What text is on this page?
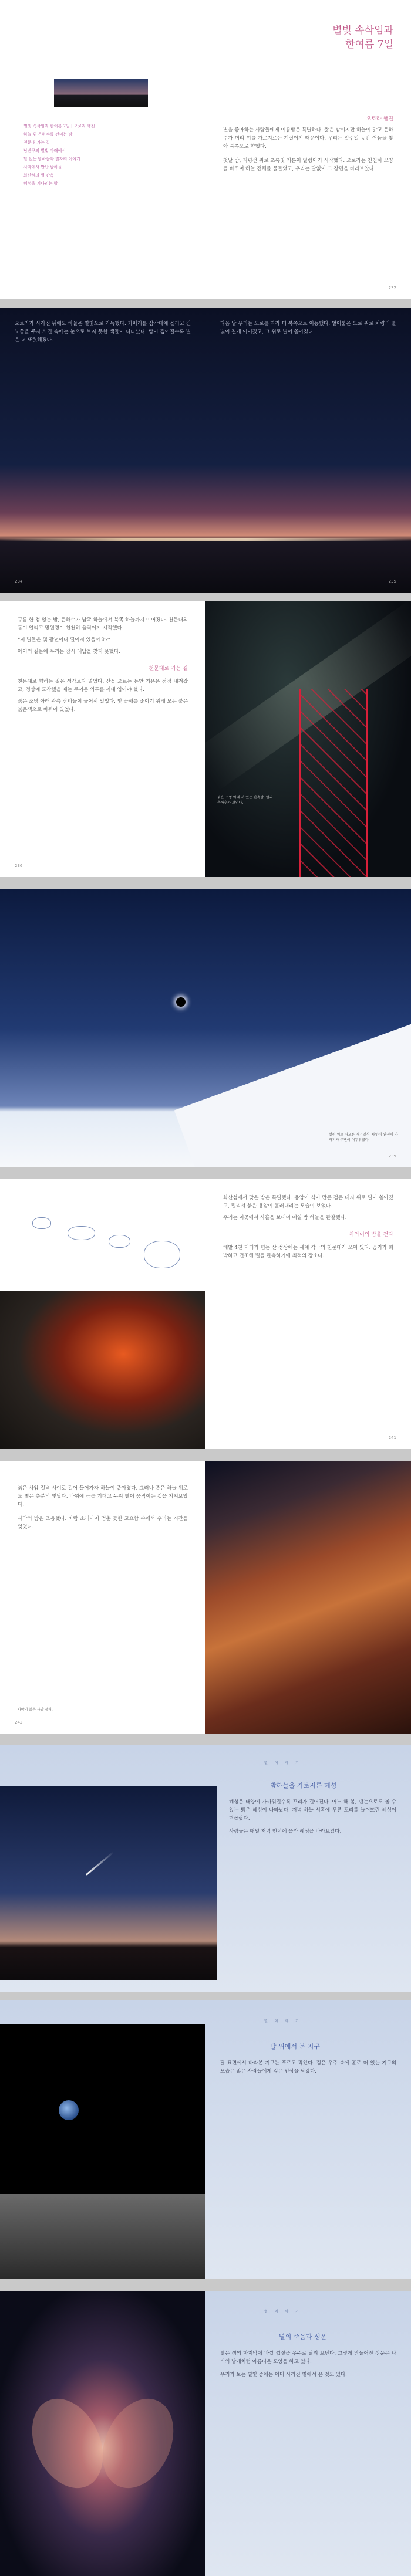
별빛 속삭임과 한여름 7일 | 오로라 행진
하늘 위 은하수를 건너는 밤
천문대 가는 길
남반구의 별빛 아래에서
달 없는 밤하늘과 별자리 이야기
사막에서 만난 밤하늘
화산섬의 별 관측
혜성을 기다리는 밤
별빛 속삭임과
한여름 7일
오로라 행진

별을 좋아하는 사람들에게 여름밤은 특별하다. 짧은 밤이지만 하늘이 맑고 은하수가 머리 위를 가로지르는 계절이기 때문이다. 우리는 일주일 동안 어둠을 찾아 북쪽으로 향했다.

첫날 밤, 지평선 위로 초록빛 커튼이 일렁이기 시작했다. 오로라는 천천히 모양을 바꾸며 하늘 전체를 물들였고, 우리는 말없이 그 장면을 바라보았다.

232

오로라가 사라진 뒤에도 하늘은 별빛으로 가득했다. 카메라를 삼각대에 올리고 긴 노출을 주자 사진 속에는 눈으로 보지 못한 색들이 나타났다. 밤이 깊어질수록 별은 더 또렷해졌다.

다음 날 우리는 도로를 따라 더 북쪽으로 이동했다. 얼어붙은 도로 위로 차량의 불빛이 길게 이어졌고, 그 위로 별이 쏟아졌다.

234	235

구름 한 점 없는 밤, 은하수가 남쪽 하늘에서 북쪽 하늘까지 이어졌다. 천문대의 돔이 열리고 망원경이 천천히 움직이기 시작했다.

“저 별들은 몇 광년이나 떨어져 있을까요?”

아이의 질문에 우리는 잠시 대답을 찾지 못했다.

천문대로 가는 길

천문대로 향하는 길은 생각보다 멀었다. 산을 오르는 동안 기온은 점점 내려갔고, 정상에 도착했을 때는 두꺼운 외투를 꺼내 입어야 했다.

붉은 조명 아래 관측 장비들이 늘어서 있었다. 빛 공해를 줄이기 위해 모든 불은 붉은색으로 바뀌어 있었다.

236
붉은 조명 아래 서 있는 관측탑. 멀리 은하수가 보인다.
설원 위로 떠오른 개기일식. 태양이 완전히 가려지자 주변이 어두워졌다.
239

화산섬에서 맞은 밤은 특별했다. 용암이 식어 만든 검은 대지 위로 별이 쏟아졌고, 멀리서 붉은 용암이 흘러내리는 모습이 보였다.

우리는 이곳에서 사흘을 보내며 매일 밤 하늘을 관찰했다.

하와이의 밤을 걷다

해발 4천 미터가 넘는 산 정상에는 세계 각국의 천문대가 모여 있다. 공기가 희박하고 건조해 별을 관측하기에 최적의 장소다.

241

붉은 사암 절벽 사이로 걸어 들어가자 하늘이 좁아졌다. 그러나 좁은 하늘 위로도 별은 충분히 빛났다. 바위에 등을 기대고 누워 별이 움직이는 것을 지켜보았다.

사막의 밤은 조용했다. 바람 소리마저 멈춘 듯한 고요함 속에서 우리는 시간을 잊었다.

사막의 붉은 사암 절벽.
242
별 이 야 기
밤하늘을 가로지른 혜성

혜성은 태양에 가까워질수록 꼬리가 길어진다. 어느 해 봄, 맨눈으로도 볼 수 있는 밝은 혜성이 나타났다. 저녁 하늘 서쪽에 푸른 꼬리를 늘어뜨린 혜성이 떠올랐다.

사람들은 매일 저녁 언덕에 올라 혜성을 바라보았다.

별 이 야 기
달 위에서 본 지구

달 표면에서 바라본 지구는 푸르고 작았다. 검은 우주 속에 홀로 떠 있는 지구의 모습은 많은 사람들에게 깊은 인상을 남겼다.

별 이 야 기
별의 죽음과 성운

별은 생의 마지막에 바깥 껍질을 우주로 날려 보낸다. 그렇게 만들어진 성운은 나비의 날개처럼 아름다운 모양을 하고 있다.

우리가 보는 별빛 중에는 이미 사라진 별에서 온 것도 있다.
